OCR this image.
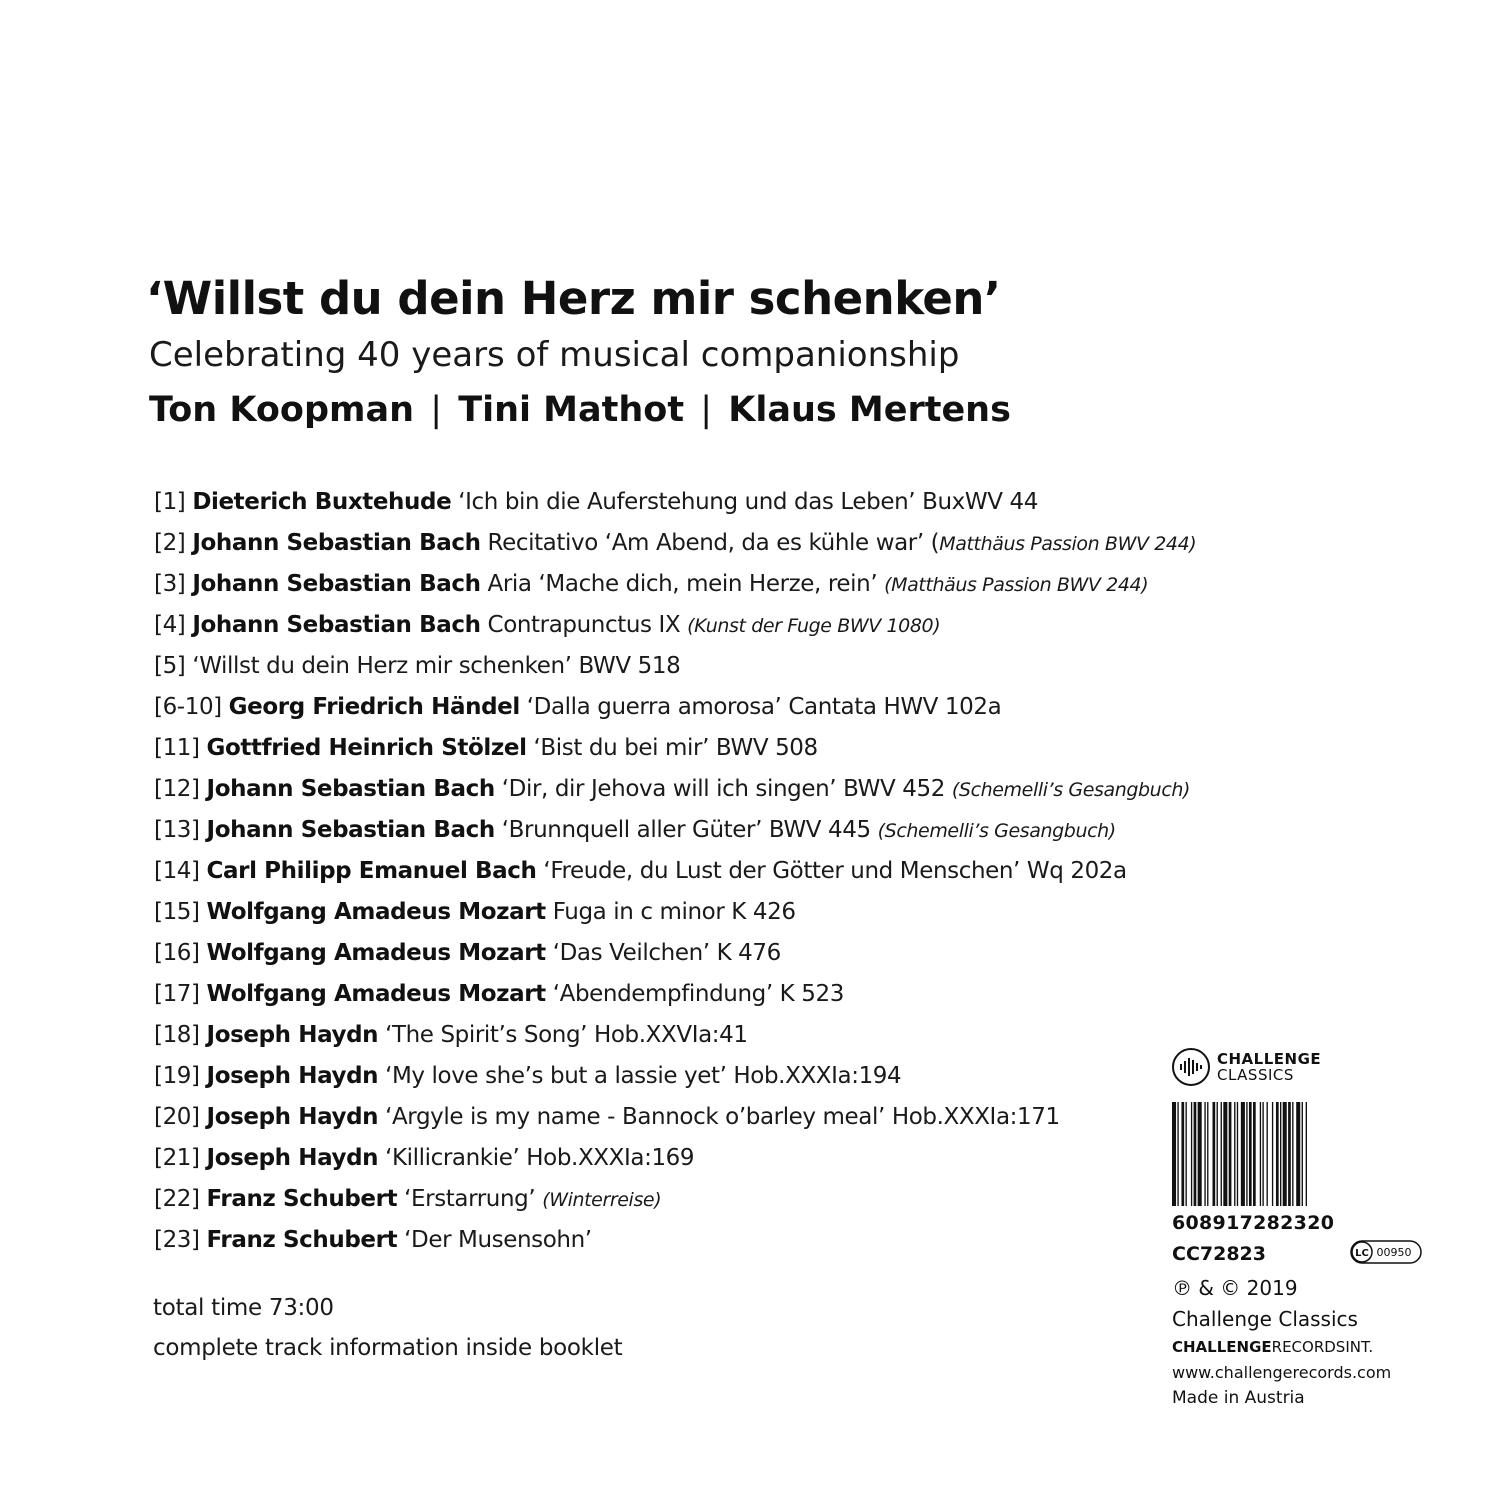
‘Willst du dein Herz mir schenken’
Celebrating 40 years of musical companionship
Ton Koopman | Tini Mathot | Klaus Mertens
[1] Dieterich Buxtehude ‘Ich bin die Auferstehung und das Leben’ BuxWV 44
[2] Johann Sebastian Bach Recitativo ‘Am Abend, da es kühle war’ (Matthäus Passion BWV 244)
[3] Johann Sebastian Bach Aria ‘Mache dich, mein Herze, rein’ (Matthäus Passion BWV 244)
[4] Johann Sebastian Bach Contrapunctus IX (Kunst der Fuge BWV 1080)
[5] ‘Willst du dein Herz mir schenken’ BWV 518
[6-10] Georg Friedrich Händel ‘Dalla guerra amorosa’ Cantata HWV 102a
[11] Gottfried Heinrich Stölzel ‘Bist du bei mir’ BWV 508
[12] Johann Sebastian Bach ‘Dir, dir Jehova will ich singen’ BWV 452 (Schemelli’s Gesangbuch)
[13] Johann Sebastian Bach ‘Brunnquell aller Güter’ BWV 445 (Schemelli’s Gesangbuch)
[14] Carl Philipp Emanuel Bach ‘Freude, du Lust der Götter und Menschen’ Wq 202a
[15] Wolfgang Amadeus Mozart Fuga in c minor K 426
[16] Wolfgang Amadeus Mozart ‘Das Veilchen’ K 476
[17] Wolfgang Amadeus Mozart ‘Abendempfindung’ K 523
[18] Joseph Haydn ‘The Spirit’s Song’ Hob.XXVIa:41
[19] Joseph Haydn ‘My love she’s but a lassie yet’ Hob.XXXIa:194
[20] Joseph Haydn ‘Argyle is my name - Bannock o’barley meal’ Hob.XXXIa:171
[21] Joseph Haydn ‘Killicrankie’ Hob.XXXIa:169
[22] Franz Schubert ‘Erstarrung’ (Winterreise)
[23] Franz Schubert ‘Der Musensohn’
total time 73:00
complete track information inside booklet
CHALLENGE
CLASSICS
608917282320
CC72823	LC 00950
℗ & © 2019
Challenge Classics
CHALLENGERECORDSINT.
www.challengerecords.com
Made in Austria
